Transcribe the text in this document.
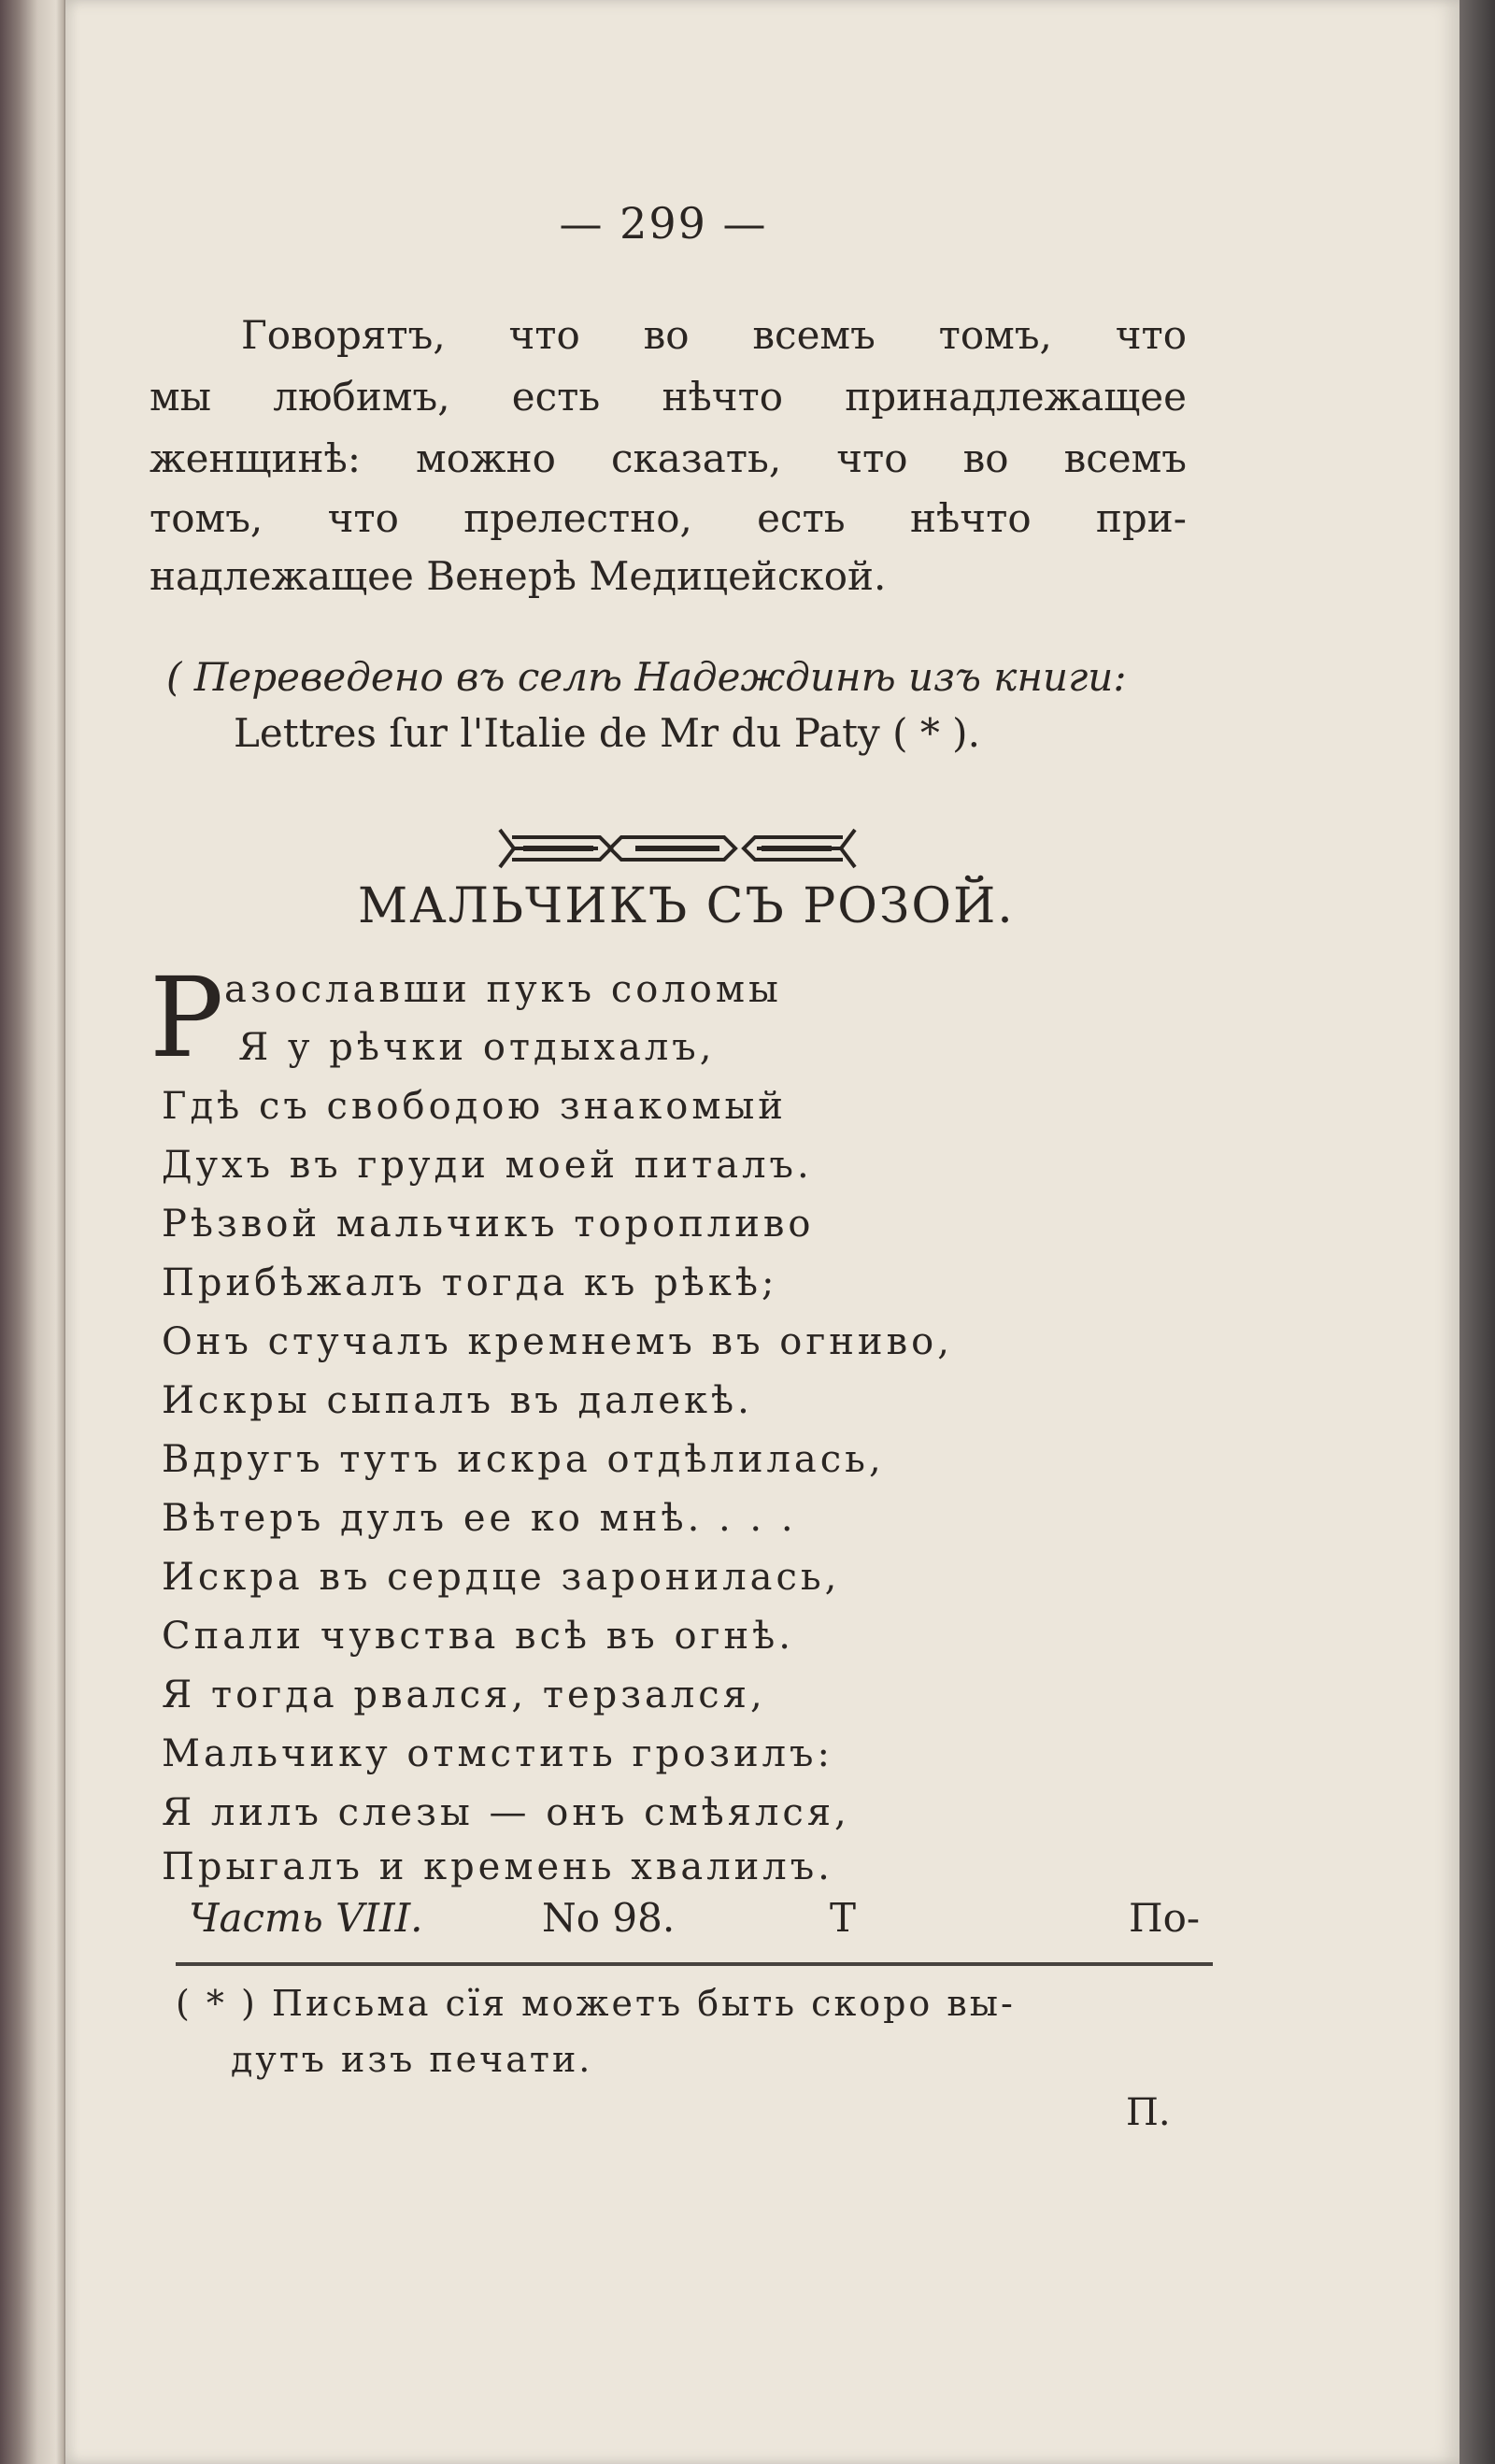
— 299 —
Говорятъ, что во всемъ томъ, что
мы любимъ, есть нѣчто принадлежащее
женщинѣ: можно сказать, что во всемъ
томъ, что прелестно, есть нѣчто при-
надлежащее Венерѣ Медицейской.
( Переведено въ селѣ Надеждинѣ изъ книги:
Lettres ſur l'Italie de Mr du Paty ( * ).
МАЛЬЧИКЪ СЪ РОЗОЙ.
Р азославши пукъ соломы
Я у рѣчки отдыхалъ,
Гдѣ съ свободою знакомый
Духъ въ груди моей питалъ.
Рѣзвой мальчикъ торопливо
Прибѣжалъ тогда къ рѣкѣ;
Онъ стучалъ кремнемъ въ огниво,
Искры сыпалъ въ далекѣ.
Вдругъ тутъ искра отдѣлилась,
Вѣтеръ дулъ ее ко мнѣ. . . .
Искра въ сердце заронилась,
Спали чувства всѣ въ огнѣ.
Я тогда рвался, терзался,
Мальчику отмстить грозилъ:
Я лилъ слезы — онъ смѣялся,
Прыгалъ и кремень хвалилъ.
Часть VIII.	No 98.	Т	По-
( * ) Письма сїя можетъ быть скоро вы-
дутъ изъ печати.
П.
